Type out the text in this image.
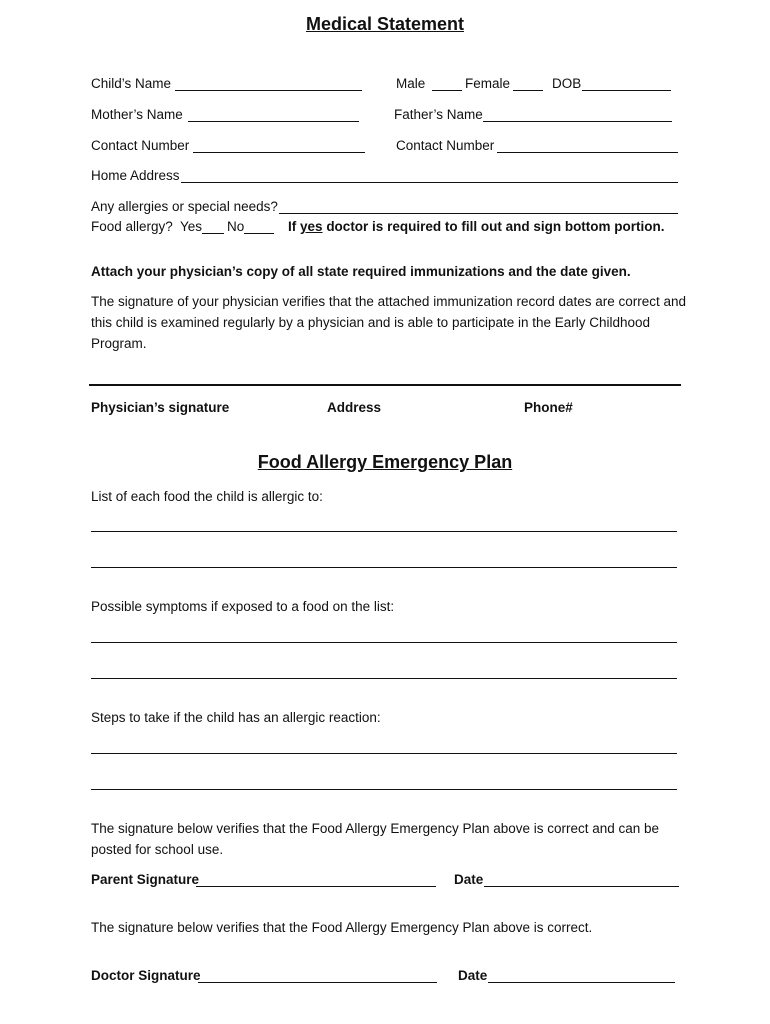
Medical Statement
Child’s Name	Male	Female	DOB
Mother’s Name	Father’s Name
Contact Number	Contact Number
Home Address
Any allergies or special needs?
Food allergy? Yes No	If yes doctor is required to fill out and sign bottom portion.
Attach your physician’s copy of all state required immunizations and the date given.
The signature of your physician verifies that the attached immunization record dates are correct and this child is examined regularly by a physician and is able to participate in the Early Childhood Program.
Physician’s signature	Address	Phone#
Food Allergy Emergency Plan
List of each food the child is allergic to:
Possible symptoms if exposed to a food on the list:
Steps to take if the child has an allergic reaction:
The signature below verifies that the Food Allergy Emergency Plan above is correct and can be posted for school use.
Parent Signature	Date
The signature below verifies that the Food Allergy Emergency Plan above is correct.
Doctor Signature	Date
